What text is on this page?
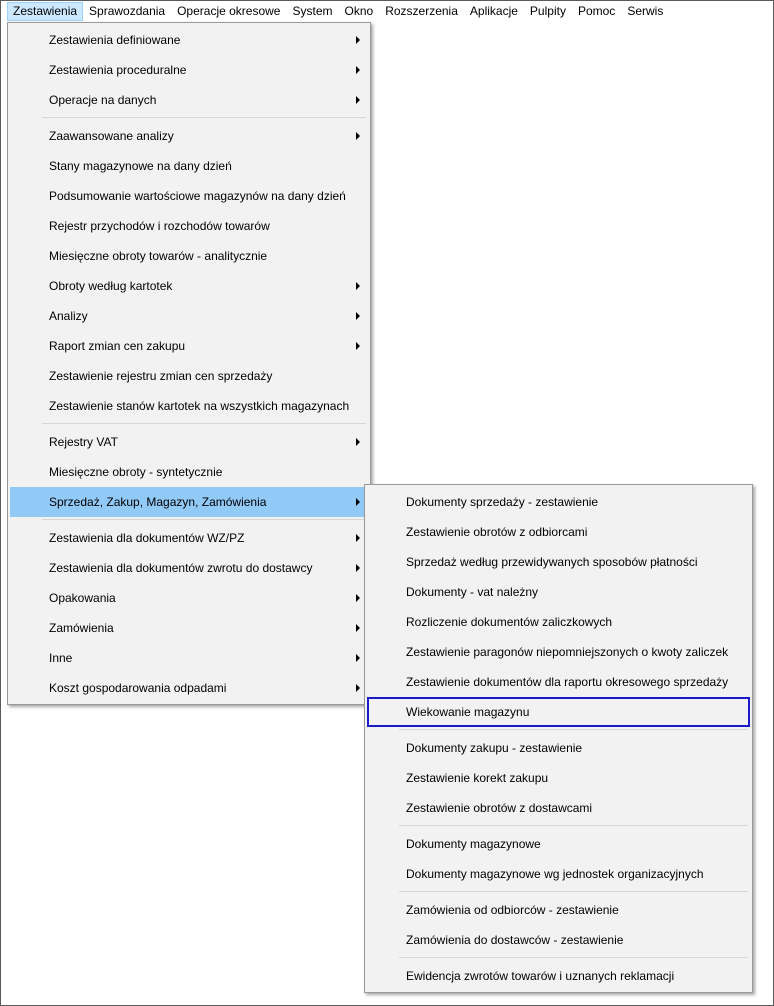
Zestawienia	Sprawozdania	Operacje okresowe	System	Okno	Rozszerzenia	Aplikacje	Pulpity	Pomoc	Serwis
Zestawienia definiowane
Zestawienia proceduralne
Operacje na danych
Zaawansowane analizy
Stany magazynowe na dany dzień
Podsumowanie wartościowe magazynów na dany dzień
Rejestr przychodów i rozchodów towarów
Miesięczne obroty towarów - analitycznie
Obroty według kartotek
Analizy
Raport zmian cen zakupu
Zestawienie rejestru zmian cen sprzedaży
Zestawienie stanów kartotek na wszystkich magazynach
Rejestry VAT
Miesięczne obroty - syntetycznie
Sprzedaż, Zakup, Magazyn, Zamówienia
Zestawienia dla dokumentów WZ/PZ
Zestawienia dla dokumentów zwrotu do dostawcy
Opakowania
Zamówienia
Inne
Koszt gospodarowania odpadami
Dokumenty sprzedaży - zestawienie
Zestawienie obrotów z odbiorcami
Sprzedaż według przewidywanych sposobów płatności
Dokumenty - vat należny
Rozliczenie dokumentów zaliczkowych
Zestawienie paragonów niepomniejszonych o kwoty zaliczek
Zestawienie dokumentów dla raportu okresowego sprzedaży
Wiekowanie magazynu
Dokumenty zakupu - zestawienie
Zestawienie korekt zakupu
Zestawienie obrotów z dostawcami
Dokumenty magazynowe
Dokumenty magazynowe wg jednostek organizacyjnych
Zamówienia od odbiorców - zestawienie
Zamówienia do dostawców - zestawienie
Ewidencja zwrotów towarów i uznanych reklamacji
